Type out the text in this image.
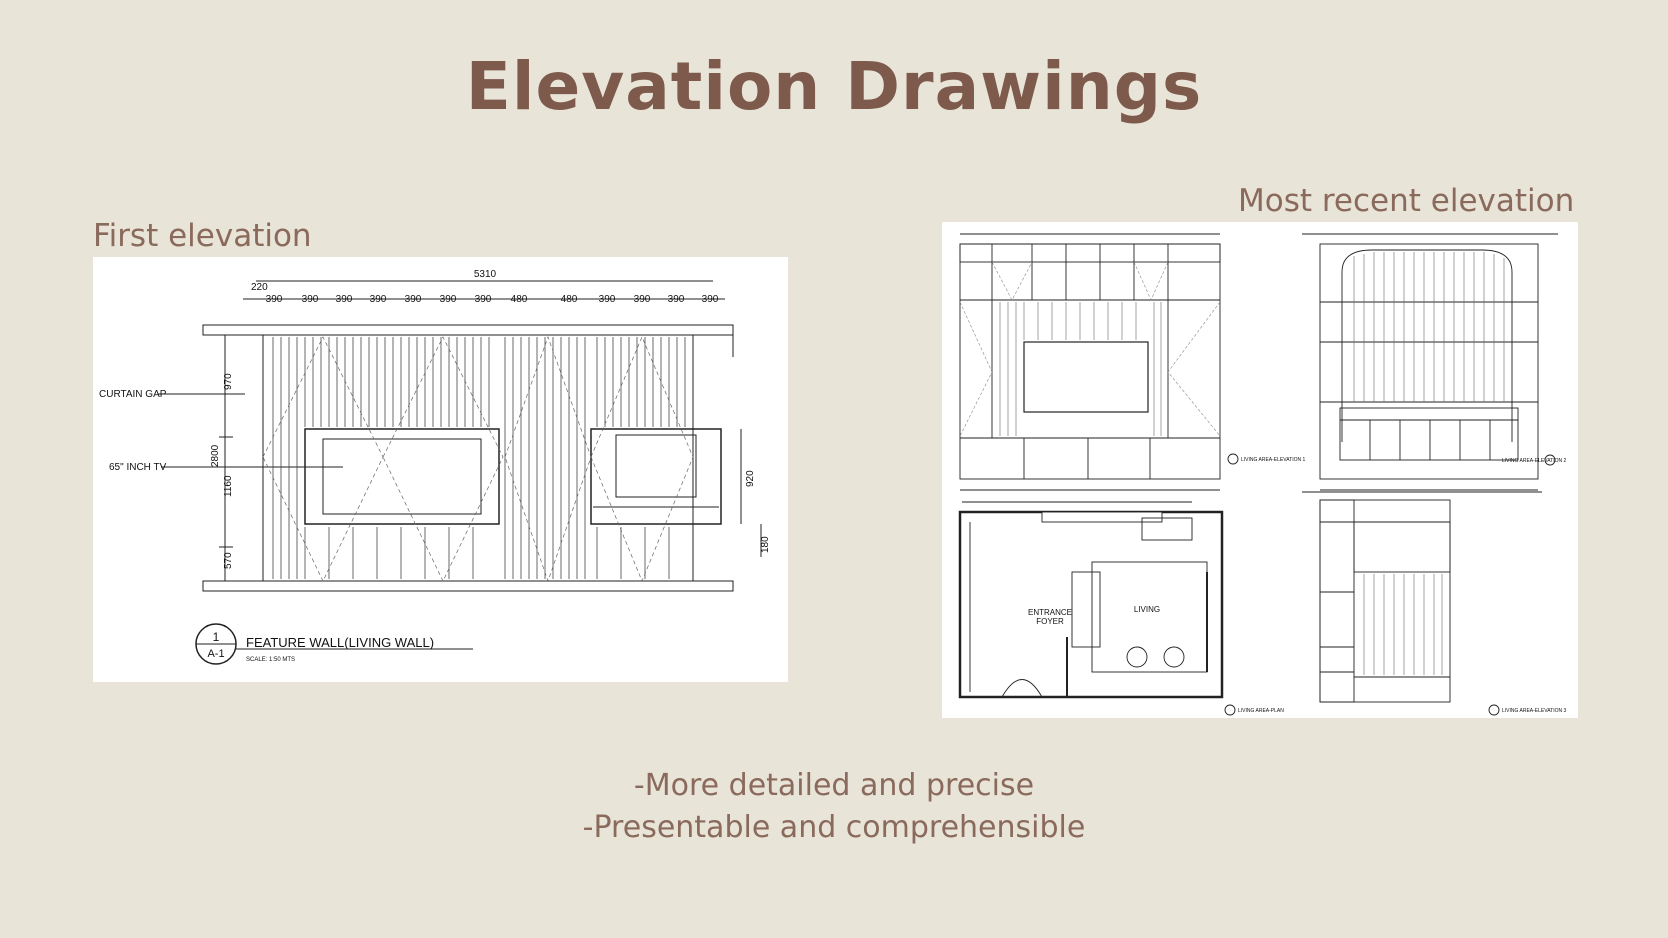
Elevation Drawings
First elevation
Most recent elevation
5310
220
390 390 390 390 390 390 390 480	480 390 390 390 390
CURTAIN GAP
65" INCH TV
970
2800
1160
570
920
180
1
A-1
FEATURE WALL(LIVING WALL)
SCALE: 1:50 MTS
ENTRANCE
FOYER
LIVING
LIVING AREA-ELEVATION 1	LIVING AREA-ELEVATION 2
LIVING AREA-PLAN	LIVING AREA-ELEVATION 3
-More detailed and precise
-Presentable and comprehensible
